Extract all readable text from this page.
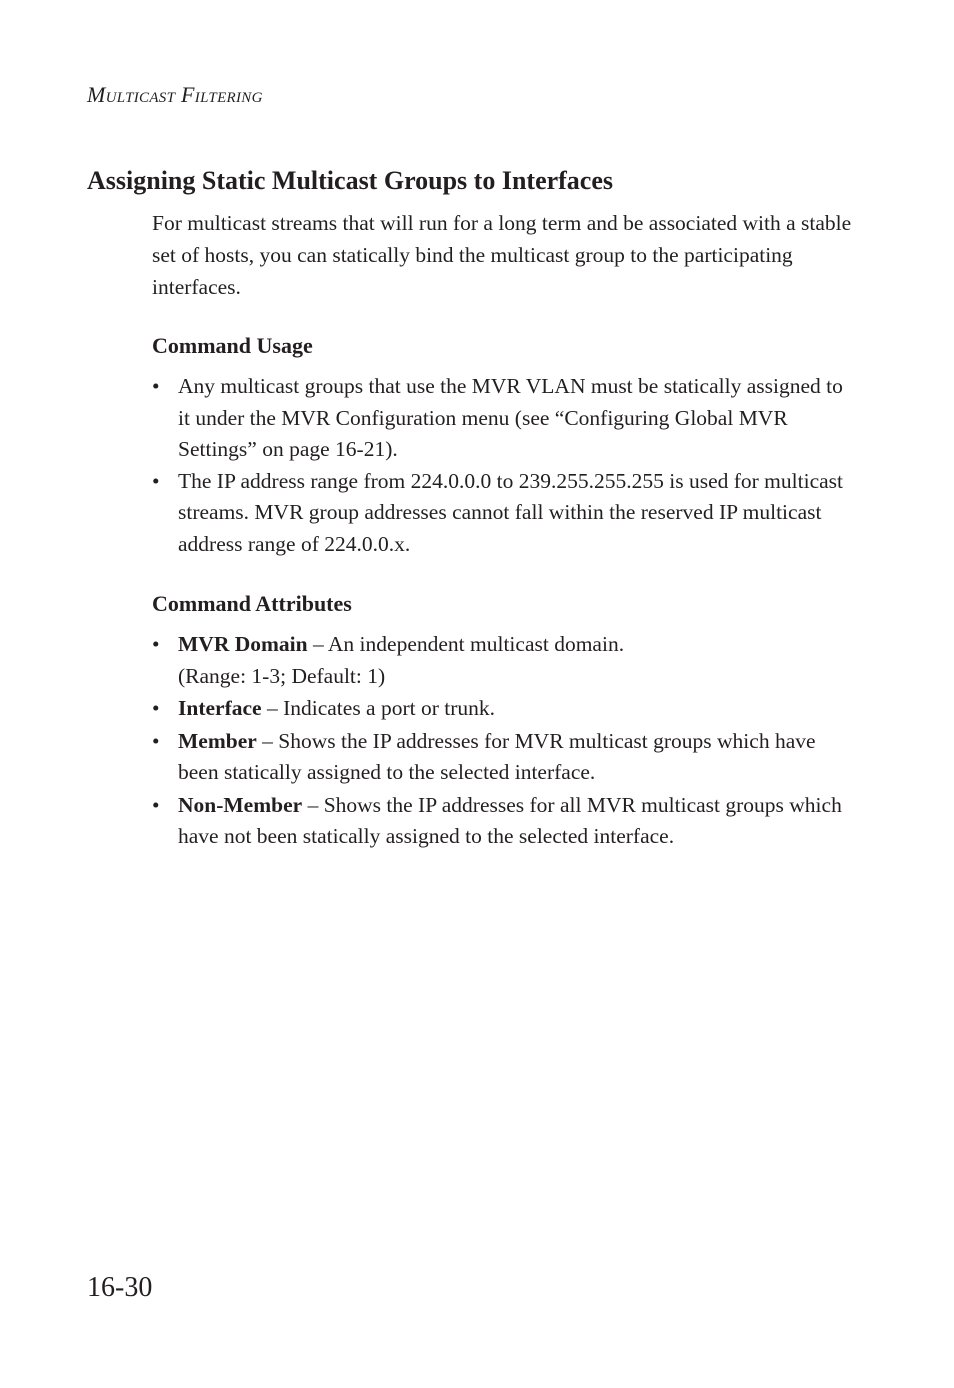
Multicast Filtering
Assigning Static Multicast Groups to Interfaces
For multicast streams that will run for a long term and be associated with a stable set of hosts, you can statically bind the multicast group to the participating interfaces.
Command Usage
• Any multicast groups that use the MVR VLAN must be statically assigned to it under the MVR Configuration menu (see “Configuring Global MVR Settings” on page 16-21).
• The IP address range from 224.0.0.0 to 239.255.255.255 is used for multicast streams. MVR group addresses cannot fall within the reserved IP multicast address range of 224.0.0.x.
Command Attributes
• MVR Domain – An independent multicast domain.
(Range: 1-3; Default: 1)
• Interface – Indicates a port or trunk.
• Member – Shows the IP addresses for MVR multicast groups which have been statically assigned to the selected interface.
• Non-Member – Shows the IP addresses for all MVR multicast groups which have not been statically assigned to the selected interface.
16-30
